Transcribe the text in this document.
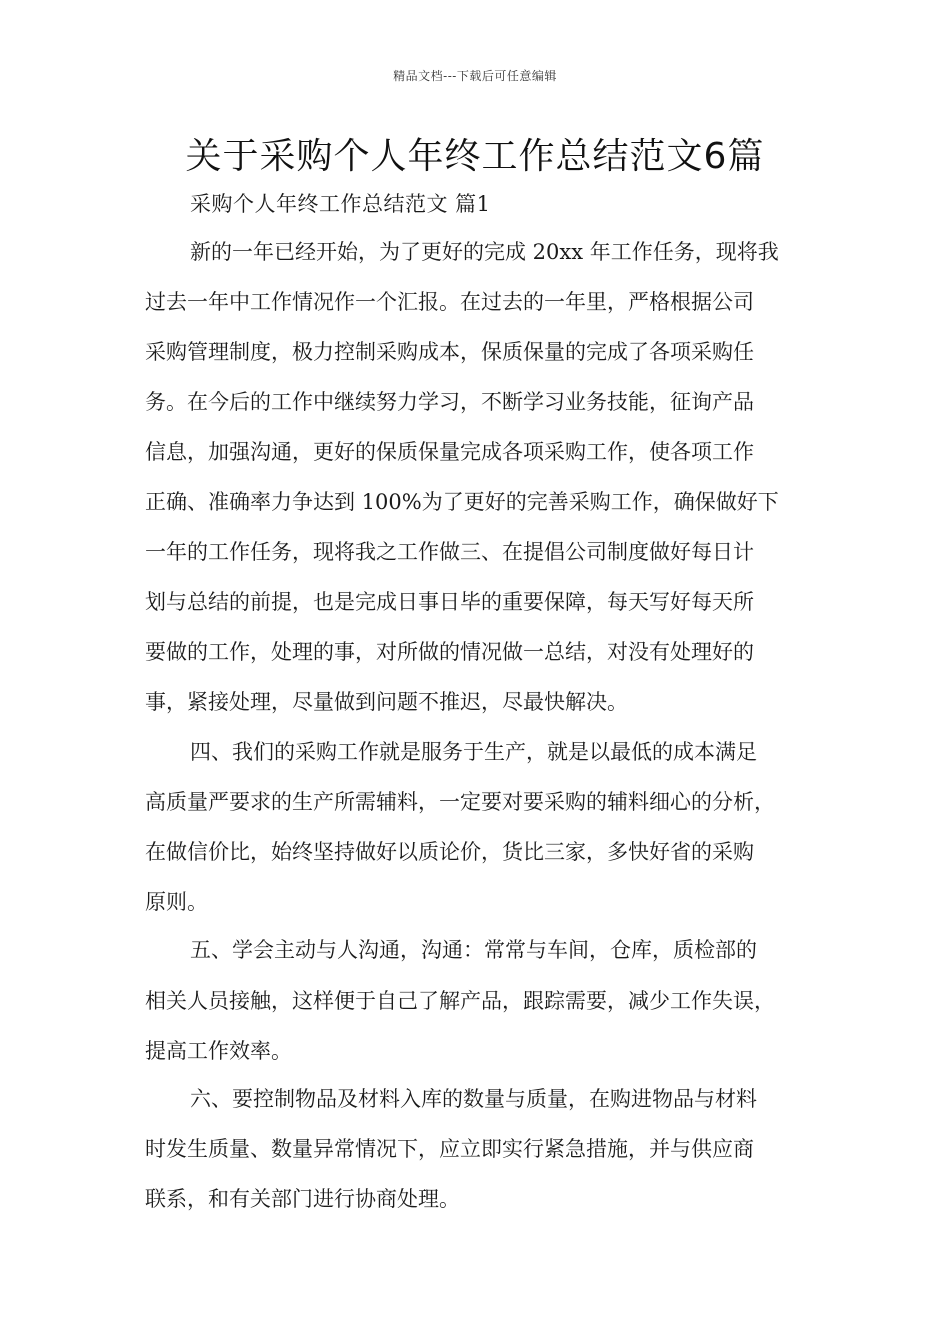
精品文档---下载后可任意编辑
关于采购个人年终工作总结范文6篇
采购个人年终工作总结范文 篇1
新的一年已经开始，为了更好的完成 20xx 年工作任务，现将我
过去一年中工作情况作一个汇报。在过去的一年里，严格根据公司
采购管理制度，极力控制采购成本，保质保量的完成了各项采购任
务。在今后的工作中继续努力学习，不断学习业务技能，征询产品
信息，加强沟通，更好的保质保量完成各项采购工作，使各项工作
正确、准确率力争达到 100%为了更好的完善采购工作，确保做好下
一年的工作任务，现将我之工作做三、在提倡公司制度做好每日计
划与总结的前提，也是完成日事日毕的重要保障，每天写好每天所
要做的工作，处理的事，对所做的情况做一总结，对没有处理好的
事，紧接处理，尽量做到问题不推迟，尽最快解决。
四、我们的采购工作就是服务于生产，就是以最低的成本满足
高质量严要求的生产所需辅料，一定要对要采购的辅料细心的分析，
在做信价比，始终坚持做好以质论价，货比三家，多快好省的采购
原则。
五、学会主动与人沟通，沟通：常常与车间，仓库，质检部的
相关人员接触，这样便于自己了解产品，跟踪需要，减少工作失误，
提高工作效率。
六、要控制物品及材料入库的数量与质量，在购进物品与材料
时发生质量、数量异常情况下，应立即实行紧急措施，并与供应商
联系，和有关部门进行协商处理。
